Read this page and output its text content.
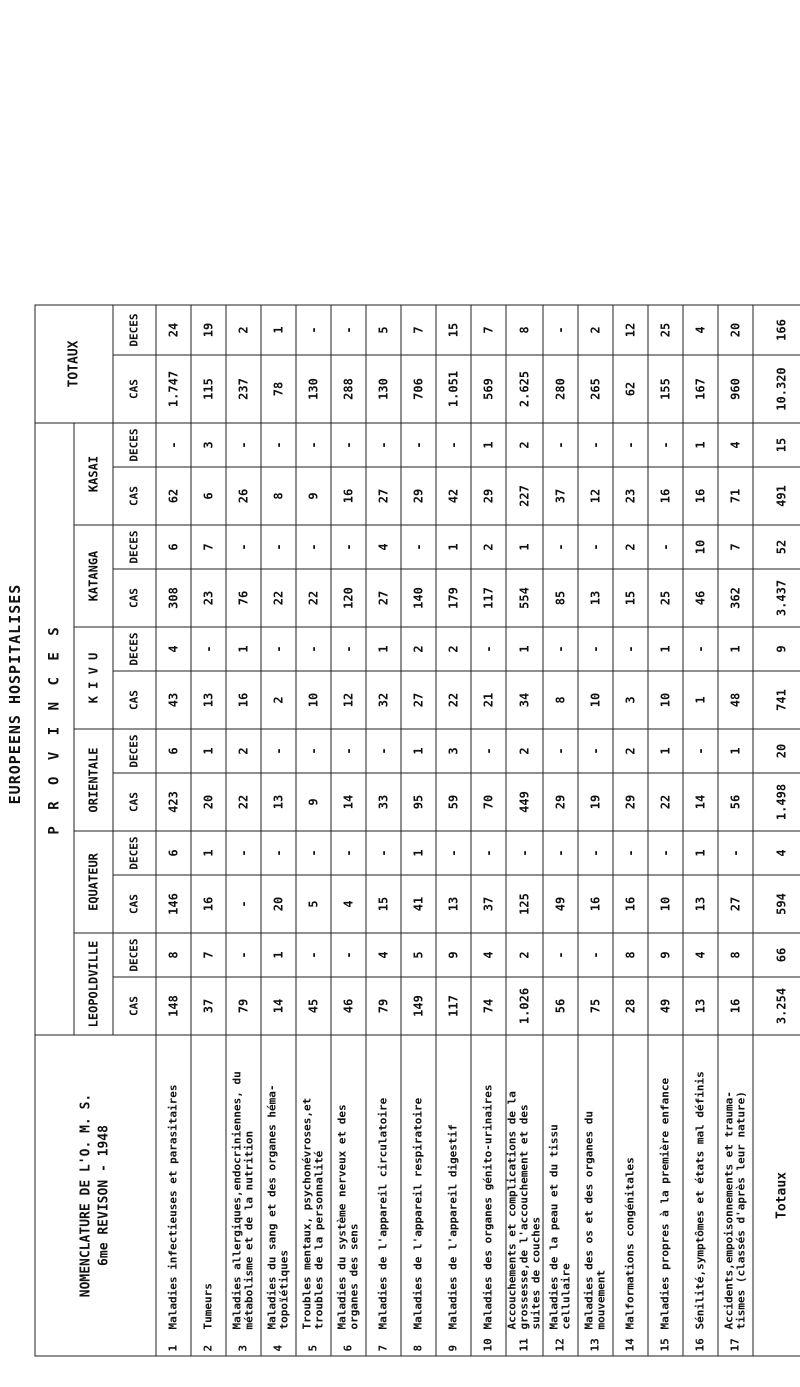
EUROPEENS HOSPITALISES
NOMENCLATURE DE L'O. M. S. 6me REVISON - 1948	P R O V I N C E S												TOTAUX	
	LEOPOLDVILLE		EQUATEUR		ORIENTALE		K I V U		KATANGA		KASAI			
	CAS	DECES	CAS	DECES	CAS	DECES	CAS	DECES	CAS	DECES	CAS	DECES	CAS	DECES
1Maladies infectieuses et parasitaires	148	8	146	6	423	6	43	4	308	6	62	-	1.747	24
2Tumeurs	37	7	16	1	20	1	13	-	23	7	6	3	115	19
3Maladies allergiques,endocriniennes, du métabolisme et de la nutrition	79	-	-	-	22	2	16	1	76	-	26	-	237	2
4Maladies du sang et des organes héma-topoïétiques	14	1	20	-	13	-	2	-	22	-	8	-	78	1
5Troubles mentaux, psychonévroses,et troubles de la personnalité	45	-	5	-	9	-	10	-	22	-	9	-	130	-
6Maladies du système nerveux et des organes des sens	46	-	4	-	14	-	12	-	120	-	16	-	288	-
7Maladies de l'appareil circulatoire	79	4	15	-	33	-	32	1	27	4	27	-	130	5
8Maladies de l'appareil respiratoire	149	5	41	1	95	1	27	2	140	-	29	-	706	7
9Maladies de l'appareil digestif	117	9	13	-	59	3	22	2	179	1	42	-	1.051	15
10Maladies des organes génito-urinaires	74	4	37	-	70	-	21	-	117	2	29	1	569	7
11Accouchements et complications de la grossesse,de l'accouchement et des suites de couches	1.026	2	125	-	449	2	34	1	554	1	227	2	2.625	8
12Maladies de la peau et du tissu cellulaire	56	-	49	-	29	-	8	-	85	-	37	-	280	-
13Maladies des os et des organes du mouvement	75	-	16	-	19	-	10	-	13	-	12	-	265	2
14Malformations congénitales	28	8	16	-	29	2	3	-	15	2	23	-	62	12
15Maladies propres à la première enfance	49	9	10	-	22	1	10	1	25	-	16	-	155	25
16Sénilité,symptômes et états mal définis	13	4	13	1	14	-	1	-	46	10	16	1	167	4
17Accidents,empoisonnements et trauma-tismes (classés d'après leur nature)	16	8	27	-	56	1	48	1	362	7	71	4	960	20
Totaux	3.254	66	594	4	1.498	20	741	9	3.437	52	491	15	10.320	166
